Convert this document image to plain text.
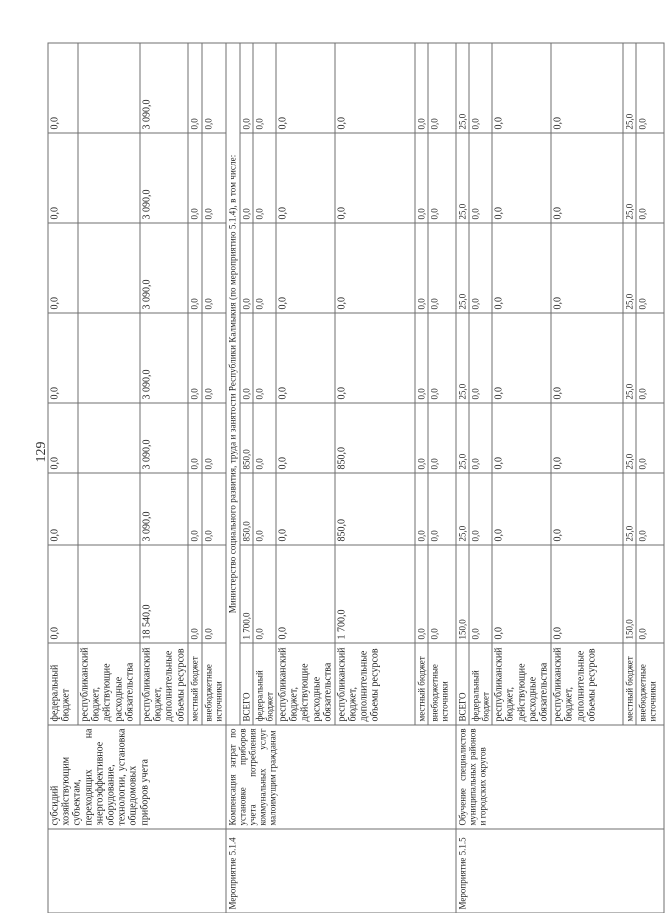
129
	субсидий хозяйствующим субъектам, переходящих на энергоэффективное оборудование, технологии, установка общедомовых приборов учета	федеральный бюджет	0,0	0,0	0,0	0,0	0,0	0,0	0,0
		республиканский бюджет, действующие расходные обязательства							
		республиканский бюджет, дополнительные объемы ресурсов	18 540,0	3 090,0	3 090,0	3 090,0	3 090,0	3 090,0	3 090,0
		местный бюджет	0,0	0,0	0,0	0,0	0,0	0,0	0,0
		внебюджетные источники	0,0	0,0	0,0	0,0	0,0	0,0	0,0
Мероприятие 5.1.4	Компенсация затрат по установке приборов учета потребления коммунальных услуг малоимущим гражданам	Министерство социального развития, труда и занятости Республики Калмыкия (по мероприятию 5.1.4), в том числе:							
		ВСЕГО	1 700,0	850,0	850,0	0,0	0,0	0,0	0,0
		федеральный бюджет	0,0	0,0	0,0	0,0	0,0	0,0	0,0
		республиканский бюджет, действующие расходные обязательства	0,0	0,0	0,0	0,0	0,0	0,0	0,0
		республиканский бюджет, дополнительные объемы ресурсов	1 700,0	850,0	850,0	0,0	0,0	0,0	0,0
		местный бюджет	0,0	0,0	0,0	0,0	0,0	0,0	0,0
		внебюджетные источники	0,0	0,0	0,0	0,0	0,0	0,0	0,0
Мероприятие 5.1.5	Обучение специалистов муниципальных районов и городских округов	ВСЕГО	150,0	25,0	25,0	25,0	25,0	25,0	25,0
		федеральный бюджет	0,0	0,0	0,0	0,0	0,0	0,0	0,0
		республиканский бюджет, действующие расходные обязательства	0,0	0,0	0,0	0,0	0,0	0,0	0,0
		республиканский бюджет, дополнительные объемы ресурсов	0,0	0,0	0,0	0,0	0,0	0,0	0,0
		местный бюджет	150,0	25,0	25,0	25,0	25,0	25,0	25,0
		внебюджетные источники	0,0	0,0	0,0	0,0	0,0	0,0	0,0
